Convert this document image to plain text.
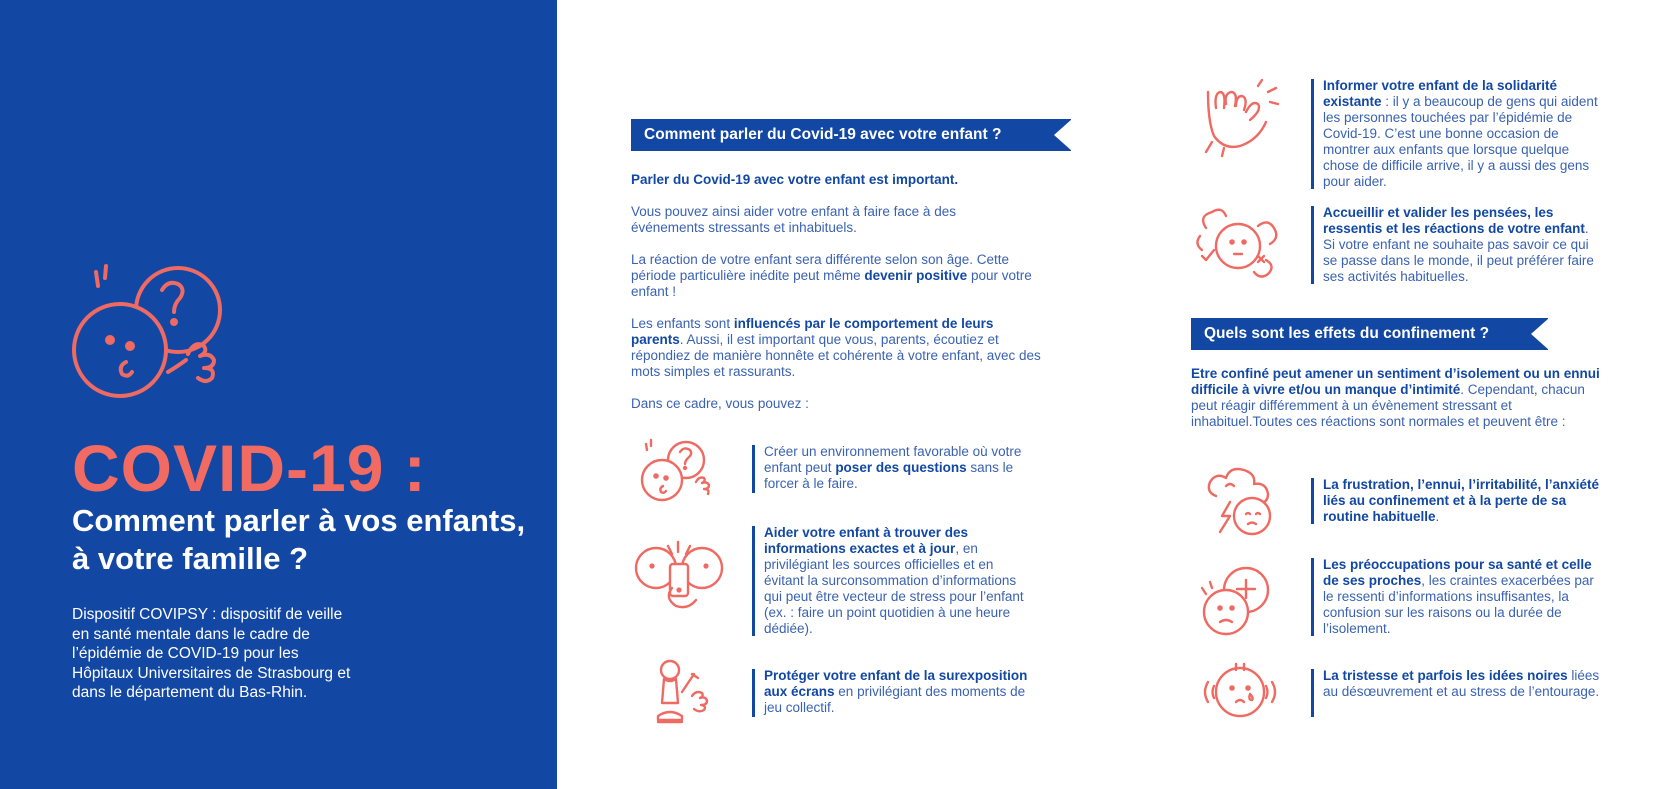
COVID-19 :
Comment parler à vos enfants, à votre famille ?
Dispositif COVIPSY : dispositif de veille en santé mentale dans le cadre de l’épidémie de COVID-19 pour les Hôpitaux Universitaires de Strasbourg et dans le département du Bas-Rhin.
Comment parler du Covid-19 avec votre enfant ?
Parler du Covid-19 avec votre enfant est important.
Vous pouvez ainsi aider votre enfant à faire face à des événements stressants et inhabituels.
La réaction de votre enfant sera différente selon son âge. Cette période particulière inédite peut même devenir positive pour votre enfant !
Les enfants sont influencés par le comportement de leurs parents. Aussi, il est important que vous, parents, écoutiez et répondiez de manière honnête et cohérente à votre enfant, avec des mots simples et rassurants.
Dans ce cadre, vous pouvez :
Créer un environnement favorable où votre enfant peut poser des questions sans le forcer à le faire.
Aider votre enfant à trouver des informations exactes et à jour, en privilégiant les sources officielles et en évitant la surconsommation d’informations qui peut être vecteur de stress pour l’enfant (ex. : faire un point quotidien à une heure dédiée).
Protéger votre enfant de la surexposition aux écrans en privilégiant des moments de jeu collectif.
Informer votre enfant de la solidarité existante : il y a beaucoup de gens qui aident les personnes touchées par l’épidémie de Covid-19. C’est une bonne occasion de montrer aux enfants que lorsque quelque chose de difficile arrive, il y a aussi des gens pour aider.
Accueillir et valider les pensées, les ressentis et les réactions de votre enfant. Si votre enfant ne souhaite pas savoir ce qui se passe dans le monde, il peut préférer faire ses activités habituelles.
Quels sont les effets du confinement ?
Etre confiné peut amener un sentiment d’isolement ou un ennui difficile à vivre et/ou un manque d’intimité. Cependant, chacun peut réagir différemment à un évènement stressant et inhabituel.Toutes ces réactions sont normales et peuvent être :
La frustration, l’ennui, l’irritabilité, l’anxiété liés au confinement et à la perte de sa routine habituelle.
Les préoccupations pour sa santé et celle de ses proches, les craintes exacerbées par le ressenti d’informations insuffisantes, la confusion sur les raisons ou la durée de l’isolement.
La tristesse et parfois les idées noires liées au désœuvrement et au stress de l’entourage.
